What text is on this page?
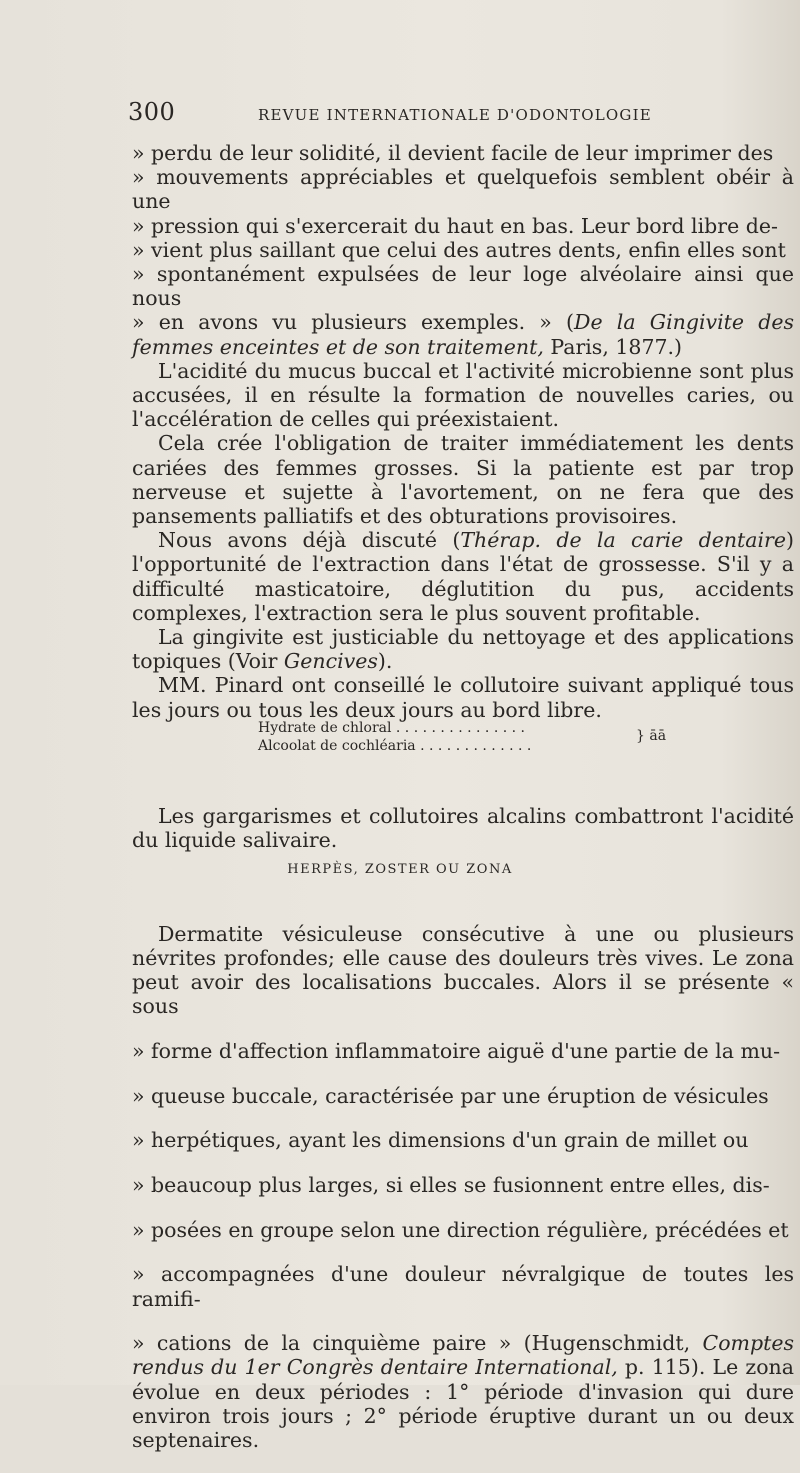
300	REVUE INTERNATIONALE D'ODONTOLOGIE

» perdu de leur solidité, il devient facile de leur imprimer des

» mouvements appréciables et quelquefois semblent obéir à une

» pression qui s'exercerait du haut en bas. Leur bord libre de-

» vient plus saillant que celui des autres dents, enfin elles sont

» spontanément expulsées de leur loge alvéolaire ainsi que nous

» en avons vu plusieurs exemples. » (De la Gingivite des femmes enceintes et de son traitement, Paris, 1877.)

L'acidité du mucus buccal et l'activité microbienne sont plus accusées, il en résulte la formation de nouvelles caries, ou l'accélération de celles qui préexistaient.

Cela crée l'obligation de traiter immédiatement les dents cariées des femmes grosses. Si la patiente est par trop nerveuse et sujette à l'avortement, on ne fera que des pansements palliatifs et des obturations provisoires.

Nous avons déjà discuté (Thérap. de la carie dentaire) l'opportunité de l'extraction dans l'état de grossesse. S'il y a difficulté masticatoire, déglutition du pus, accidents complexes, l'extraction sera le plus souvent profitable.

La gingivite est justiciable du nettoyage et des applications topiques (Voir Gencives).

MM. Pinard ont conseillé le collutoire suivant appliqué tous les jours ou tous les deux jours au bord libre.

Hydrate de chloral . . . . . . . . . . . . . . .
Alcoolat de cochléaria . . . . . . . . . . . . .
} āā

Les gargarismes et collutoires alcalins combattront l'acidité du liquide salivaire.

HERPÈS, ZOSTER OU ZONA

Dermatite vésiculeuse consécutive à une ou plusieurs névrites profondes; elle cause des douleurs très vives. Le zona peut avoir des localisations buccales. Alors il se présente « sous

» forme d'affection inflammatoire aiguë d'une partie de la mu-

» queuse buccale, caractérisée par une éruption de vésicules

» herpétiques, ayant les dimensions d'un grain de millet ou

» beaucoup plus larges, si elles se fusionnent entre elles, dis-

» posées en groupe selon une direction régulière, précédées et

» accompagnées d'une douleur névralgique de toutes les ramifi-

» cations de la cinquième paire » (Hugenschmidt, Comptes rendus du 1er Congrès dentaire International, p. 115). Le zona évolue en deux périodes : 1° période d'invasion qui dure environ trois jours ; 2° période éruptive durant un ou deux septenaires.
